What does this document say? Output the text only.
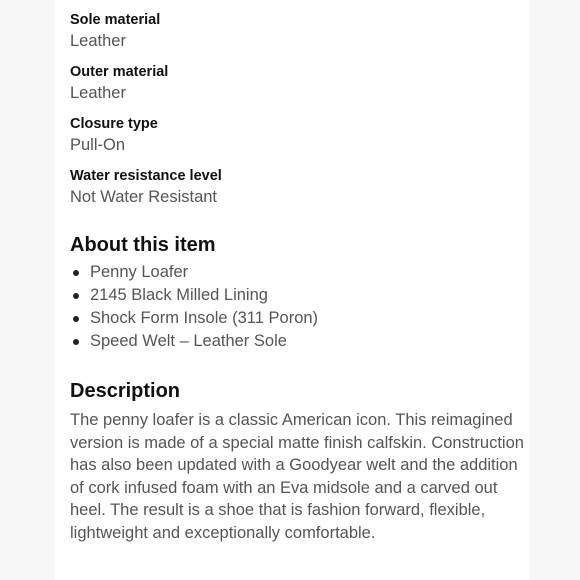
Sole material
Leather
Outer material
Leather
Closure type
Pull-On
Water resistance level
Not Water Resistant
About this item
Penny Loafer
2145 Black Milled Lining
Shock Form Insole (311 Poron)
Speed Welt – Leather Sole
Description
The penny loafer is a classic American icon. This reimagined version is made of a special matte finish calfskin. Construction has also been updated with a Goodyear welt and the addition of cork infused foam with an Eva midsole and a carved out heel. The result is a shoe that is fashion forward, flexible, lightweight and exceptionally comfortable.
